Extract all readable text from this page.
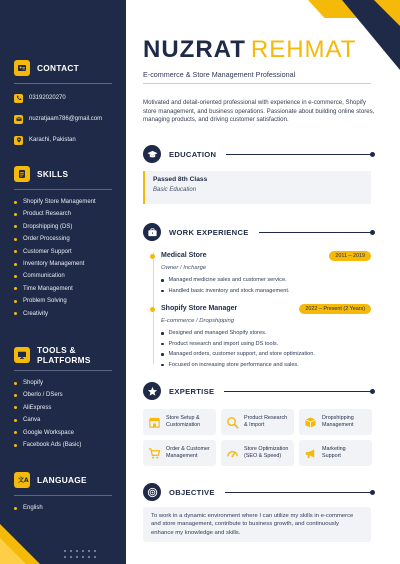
CONTACT
03192020270
nuzratjaam786@gmail.com
Karachi, Pakistan
SKILLS
Shopify Store Management
Product Research
Dropshipping (DS)
Order Processing
Customer Support
Inventory Management
Communication
Time Management
Problem Solving
Creativity
TOOLS & PLATFORMS
Shopify
Oberlo / DSers
AliExpress
Canva
Google Workspace
Facebook Ads (Basic)
文A LANGUAGE
English
NUZRAT REHMAT
E-commerce & Store Management Professional

Motivated and detail-oriented professional with experience in e-commerce, Shopify store management, and business operations. Passionate about building online stores, managing products, and driving customer satisfaction.

EDUCATION
Passed 8th Class
Basic Education
WORK EXPERIENCE
Medical Store	2011 – 2019
Owner / Incharge
Managed medicine sales and customer service.
Handled basic inventory and stock management.
Shopify Store Manager	2022 – Present (2 Years)
E-commerce / Dropshipping
Designed and managed Shopify stores.
Product research and import using DS tools.
Managed orders, customer support, and store optimization.
Focused on increasing store performance and sales.
EXPERTISE
Store Setup &
Customization
Product Research
& Import
Dropshipping
Management
Order & Customer
Management
Store Optimization
(SEO & Speed)
Marketing
Support
OBJECTIVE
To work in a dynamic environment where I can utilize my skills in e-commerce and store management, contribute to business growth, and continuously enhance my knowledge and skills.
